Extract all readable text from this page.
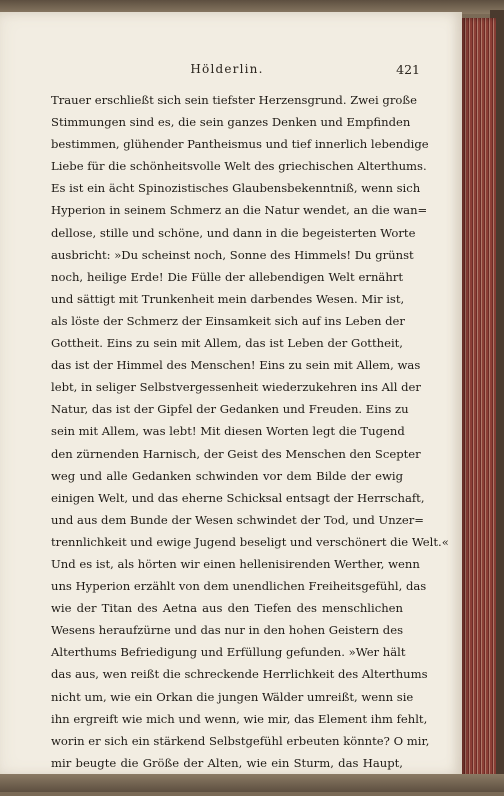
Hölderlin.	421
Trauer erschließt sich sein tiefster Herzensgrund. Zwei große
Stimmungen sind es, die sein ganzes Denken und Empfinden
bestimmen, glühender Pantheismus und tief innerlich lebendige
Liebe für die schönheitsvolle Welt des griechischen Alterthums.
Es ist ein ächt Spinozistisches Glaubensbekenntniß, wenn sich
Hyperion in seinem Schmerz an die Natur wendet, an die wan=
dellose, stille und schöne, und dann in die begeisterten Worte
ausbricht: »Du scheinst noch, Sonne des Himmels! Du grünst
noch, heilige Erde! Die Fülle der allebendigen Welt ernährt
und sättigt mit Trunkenheit mein darbendes Wesen. Mir ist,
als löste der Schmerz der Einsamkeit sich auf ins Leben der
Gottheit. Eins zu sein mit Allem, das ist Leben der Gottheit,
das ist der Himmel des Menschen! Eins zu sein mit Allem, was
lebt, in seliger Selbstvergessenheit wiederzukehren ins All der
Natur, das ist der Gipfel der Gedanken und Freuden. Eins zu
sein mit Allem, was lebt! Mit diesen Worten legt die Tugend
den zürnenden Harnisch, der Geist des Menschen den Scepter
weg und alle Gedanken schwinden vor dem Bilde der ewig
einigen Welt, und das eherne Schicksal entsagt der Herrschaft,
und aus dem Bunde der Wesen schwindet der Tod, und Unzer=
trennlichkeit und ewige Jugend beseligt und verschönert die Welt.«
Und es ist, als hörten wir einen hellenisirenden Werther, wenn
uns Hyperion erzählt von dem unendlichen Freiheitsgefühl, das
wie der Titan des Aetna aus den Tiefen des menschlichen
Wesens heraufzürne und das nur in den hohen Geistern des
Alterthums Befriedigung und Erfüllung gefunden. »Wer hält
das aus, wen reißt die schreckende Herrlichkeit des Alterthums
nicht um, wie ein Orkan die jungen Wälder umreißt, wenn sie
ihn ergreift wie mich und wenn, wie mir, das Element ihm fehlt,
worin er sich ein stärkend Selbstgefühl erbeuten könnte? O mir,
mir beugte die Größe der Alten, wie ein Sturm, das Haupt,
